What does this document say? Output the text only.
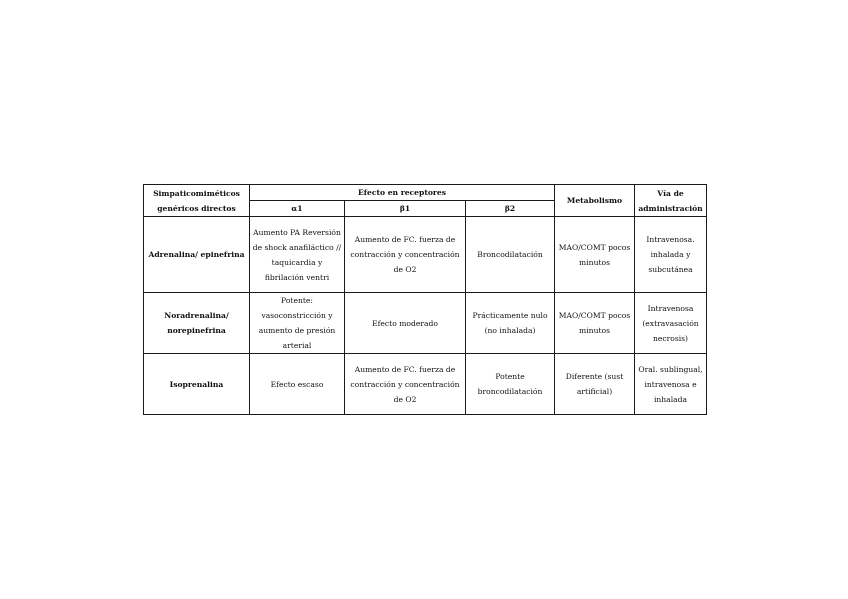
Simpaticomiméticos genéricos directos	Efecto en receptores			Metabolismo	Vía de administración
	α1	β1	β2		
Adrenalina/ epinefrina	Aumento PA Reversión de shock anafiláctico // taquicardia y fibrilación ventri	Aumento de FC. fuerza de contracción y concentración de O2	Broncodilatación	MAO/COMT pocos minutos	Intravenosa. inhalada y subcutánea
Noradrenalina/ norepinefrina	Potente: vasoconstricción y aumento de presión arterial	Efecto moderado	Prácticamente nulo (no inhalada)	MAO/COMT pocos minutos	Intravenosa (extravasación necrosis)
Isoprenalina	Efecto escaso	Aumento de FC. fuerza de contracción y concentración de O2	Potente broncodilatación	Diferente (sust artificial)	Oral. sublingual, intravenosa e inhalada
